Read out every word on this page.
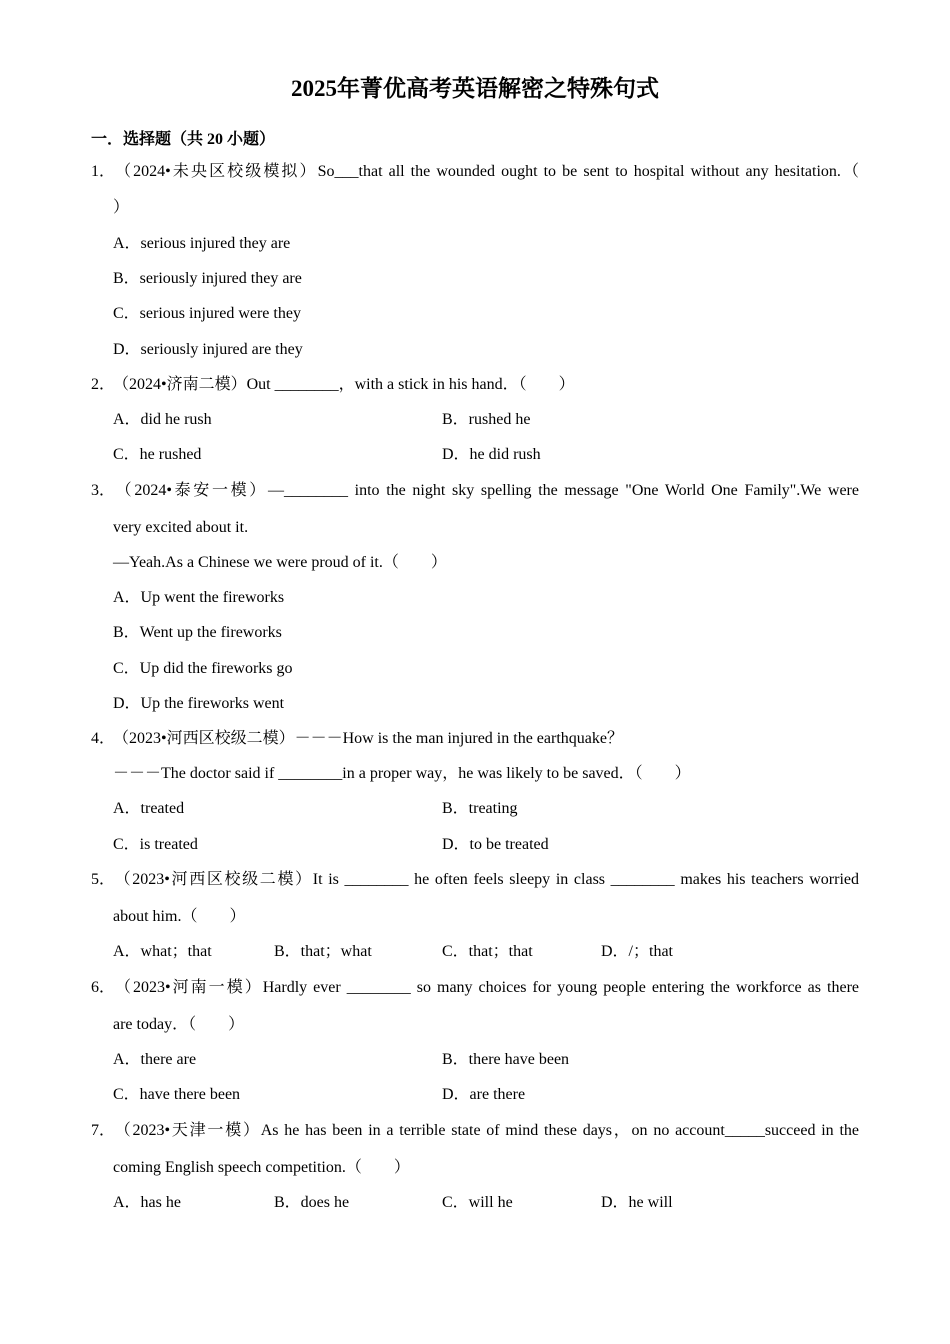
2025年菁优高考英语解密之特殊句式
一．选择题（共 20 小题）
1．（2024•未央区校级模拟）So___that all the wounded ought to be sent to hospital without any hesitation.（
）
A．serious injured they are
B．seriously injured they are
C．serious injured were they
D．seriously injured are they
2．（2024•济南二模）Out ________，with a stick in his hand．（　　）
A．did he rush	B．rushed he
C．he rushed	D．he did rush
3．（2024•泰安一模）—________ into the night sky spelling the message "One World One Family".We were
very excited about it.
—Yeah.As a Chinese we were proud of it.（　　）
A．Up went the fireworks
B．Went up the fireworks
C．Up did the fireworks go
D．Up the fireworks went
4．（2023•河西区校级二模）－－－How is the man injured in the earthquake？
－－－The doctor said if ________in a proper way，he was likely to be saved．（　　）
A．treated	B．treating
C．is treated	D．to be treated
5．（2023•河西区校级二模）It is ________ he often feels sleepy in class ________ makes his teachers worried
about him.（　　）
A．what；that	B．that；what	C．that；that	D．/；that
6．（2023•河南一模）Hardly ever ________ so many choices for young people entering the workforce as there
are today．（　　）
A．there are	B．there have been
C．have there been	D．are there
7．（2023•天津一模）As he has been in a terrible state of mind these days，on no account_____succeed in the
coming English speech competition.（　　）
A．has he	B．does he	C．will he	D．he will
